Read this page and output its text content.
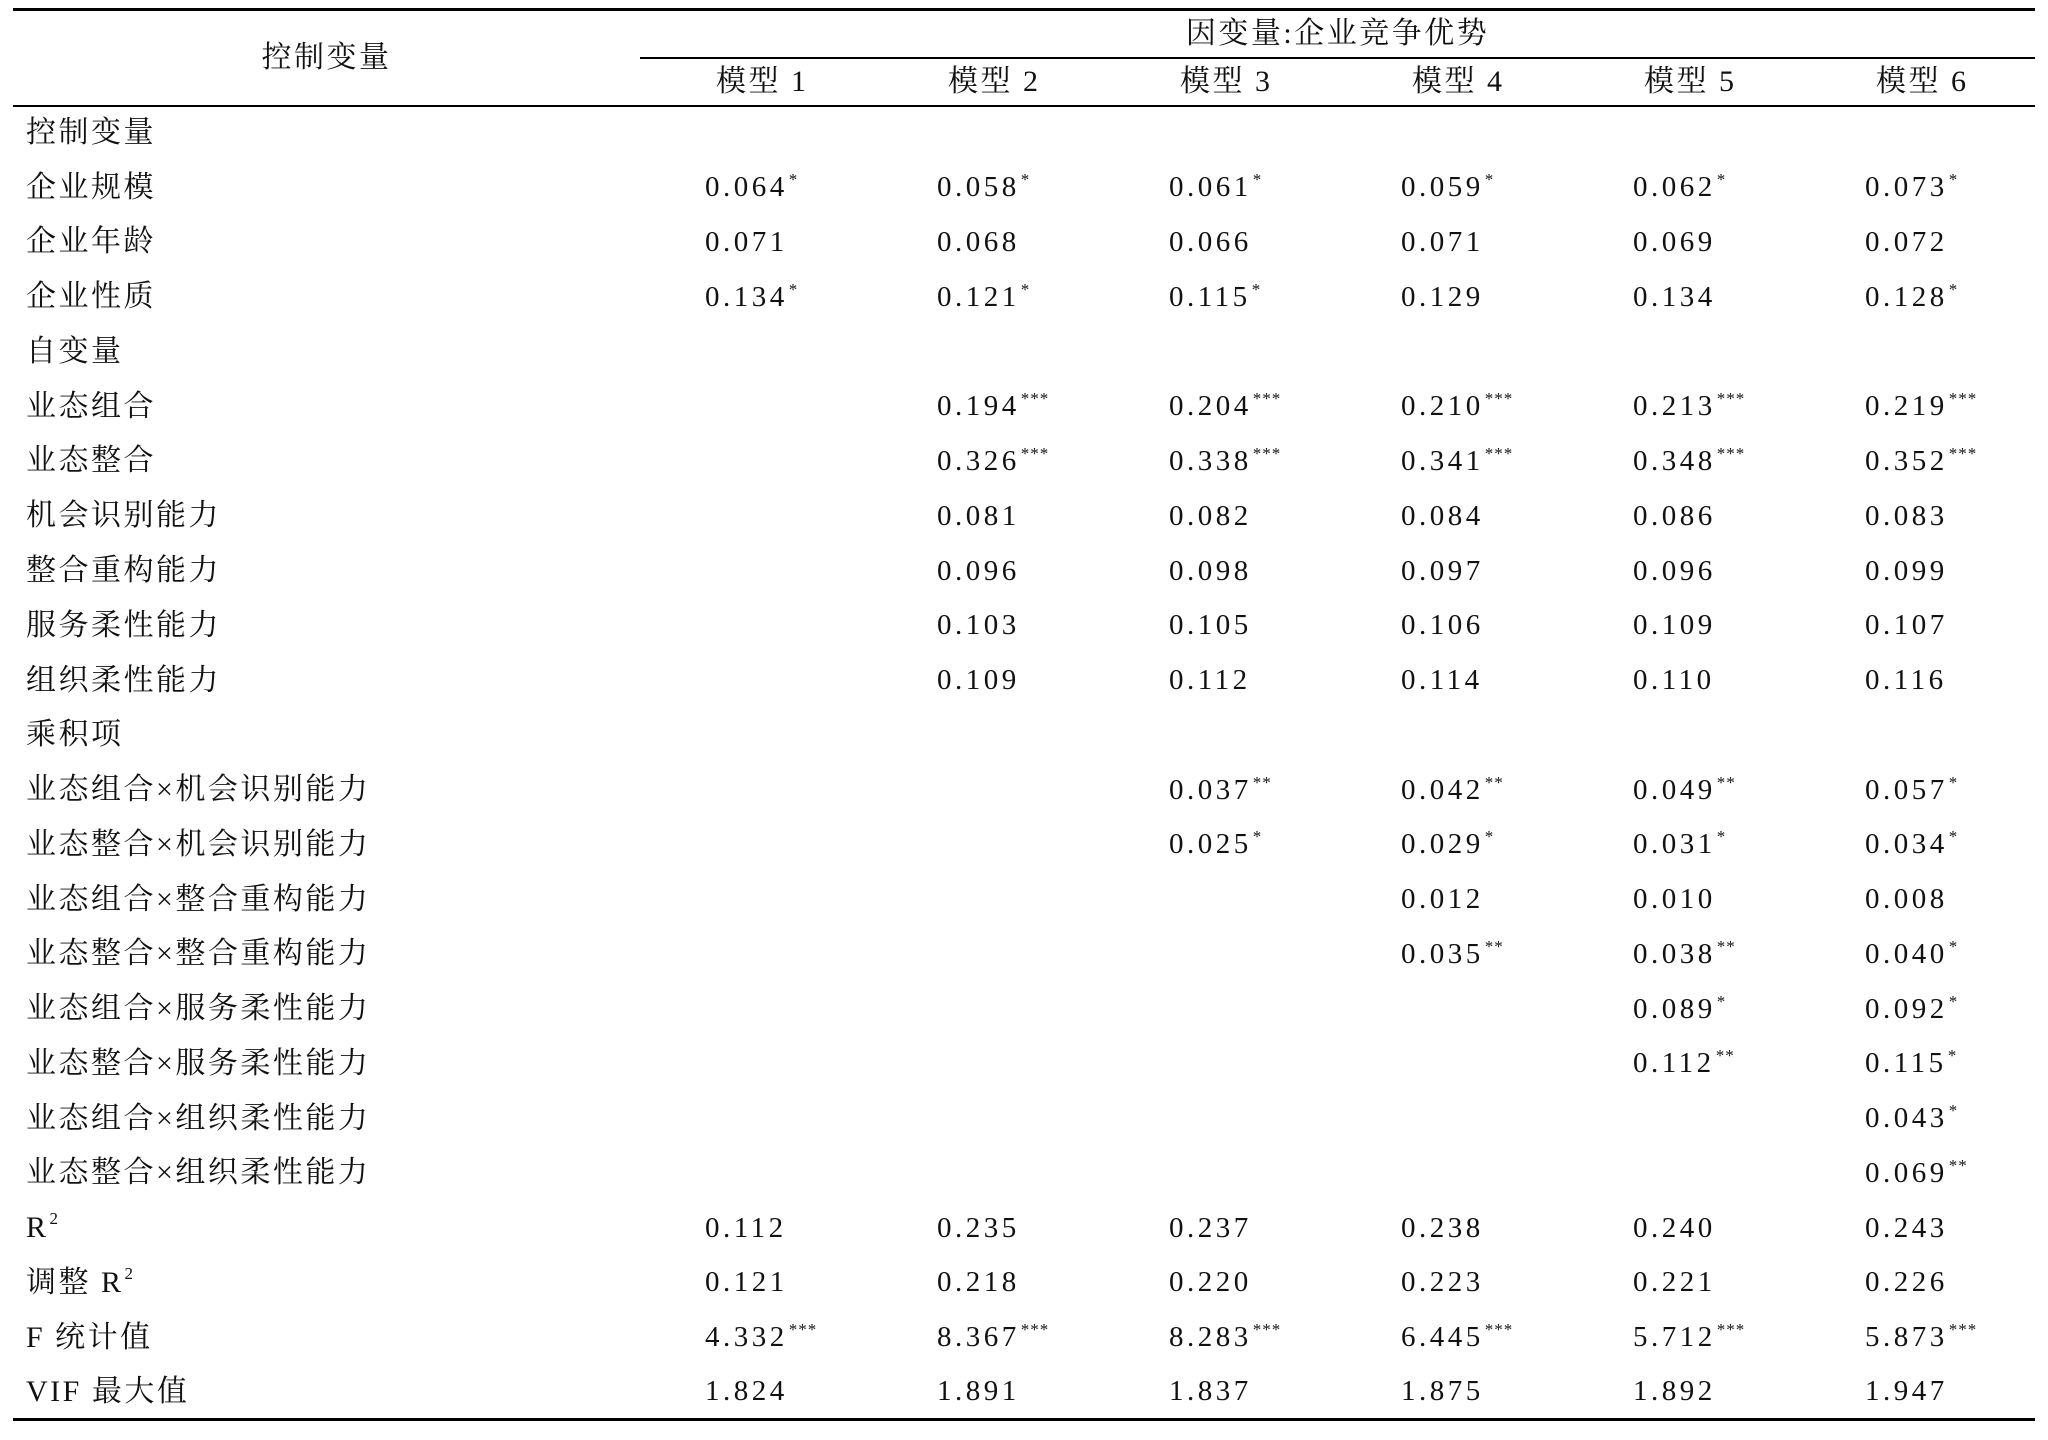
控制变量	因变量:企业竞争优势					
	模型 1	模型 2	模型 3	模型 4	模型 5	模型 6
控制变量						
企业规模	0.064*	0.058*	0.061*	0.059*	0.062*	0.073*
企业年龄	0.071	0.068	0.066	0.071	0.069	0.072
企业性质	0.134*	0.121*	0.115*	0.129	0.134	0.128*
自变量						
业态组合		0.194***	0.204***	0.210***	0.213***	0.219***
业态整合		0.326***	0.338***	0.341***	0.348***	0.352***
机会识别能力		0.081	0.082	0.084	0.086	0.083
整合重构能力		0.096	0.098	0.097	0.096	0.099
服务柔性能力		0.103	0.105	0.106	0.109	0.107
组织柔性能力		0.109	0.112	0.114	0.110	0.116
乘积项						
业态组合×机会识别能力			0.037**	0.042**	0.049**	0.057*
业态整合×机会识别能力			0.025*	0.029*	0.031*	0.034*
业态组合×整合重构能力				0.012	0.010	0.008
业态整合×整合重构能力				0.035**	0.038**	0.040*
业态组合×服务柔性能力					0.089*	0.092*
业态整合×服务柔性能力					0.112**	0.115*
业态组合×组织柔性能力						0.043*
业态整合×组织柔性能力						0.069**
$R^2$	0.112	0.235	0.237	0.238	0.240	0.243
调整 $R^2$	0.121	0.218	0.220	0.223	0.221	0.226
F 统计值	4.332***	8.367***	8.283***	6.445***	5.712***	5.873***
VIF 最大值	1.824	1.891	1.837	1.875	1.892	1.947
